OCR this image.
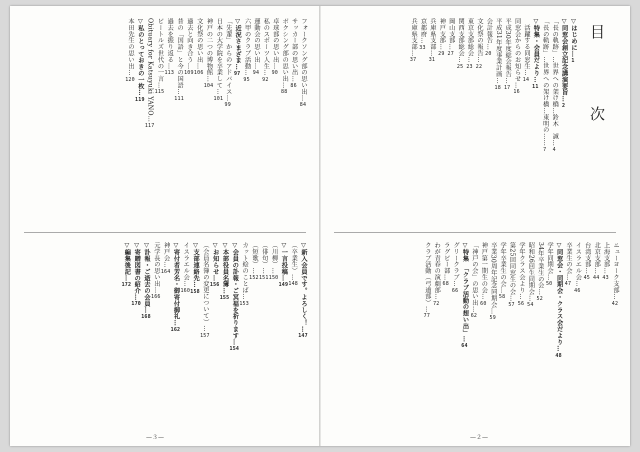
目　次
▽はじめに…1
▽同窓会創立記念講演要旨…2
「長の軌跡」…世界への架け橋…鈴木　誠…4
「長の軌跡」…世界への架け橋…東明の……7
▽特集・会員だより…11
　活躍する同窓生…14
同窓会からのお知らせ…16
平成30年度総会報告…17
平成31年度事業計画…18
会計報告…20
文化祭の報告…22
東京支部総会…23
関西支部総会…25
岡山支部…27
神戸支部…29
兵庫県支部…31
京都府…33
兵庫県支部…37
ニューヨーク支部…42
上海支部…43
北京支部…44
台湾支部…45
イスラエル会…46
卒業生の会…47
▽同窓会・同期会・クラス会だより…48
学年同期会…50
34年卒業生の会…52
昭和26回生同期会…54
学年クラス会より…56
第25回同窓生の会…57
学年卒業生の会…58
卒業30周年記念同期会…59
神戸第一期生の会…60
「神戸の会」の思い出…62
▽特集　「クラブ活動の想い出」…64
グリークラブ…66
ラグビー部…68
わが青春の演劇部…72
クラブ活動（弓道部）…77
—２—
フォークソング部の思い出…84
サッカー部の思い出…86
ボクシング部の思い出…88
卓球部の思い出…90
私のスポーツ人生…92
運動会の思い出…94
六甲のクラブ活動…95
▽近況さまざま…97
「先輩」からのアドバイス…99
日本の大学院を卒業して…101
神戸の二つの博物館…104
文化祭の思い出…106
過去と向き合う…109
昔の「国語」と今の国語…111
過去を振り返る…113
ビートルズ世代の一言…115
Obituary for Katsuyuki YANO…117
▽私のとっておきの一枚…119
本田先生の思い出…120
▽新入会員です。よろしく！…147
（卒業生）…148
▽一言投稿…149
（川柳）…150
（俳句）…151
（短歌）…152
カット絵のことば…153
▽会員の訃報・ご冥福を祈ります…154
▽本部役員名簿…155
▽お知らせ…156
（会員名簿の変更について）…157
▽支部連絡先…158
イスラエル会…160
▽寄付者芳名・御寄付御礼…162
神戸会…164
元学長の思い出…166
▽訃報・ご逝去の会員…168
▽寄贈図書の紹介…170
▽編集後記…172
—３—
